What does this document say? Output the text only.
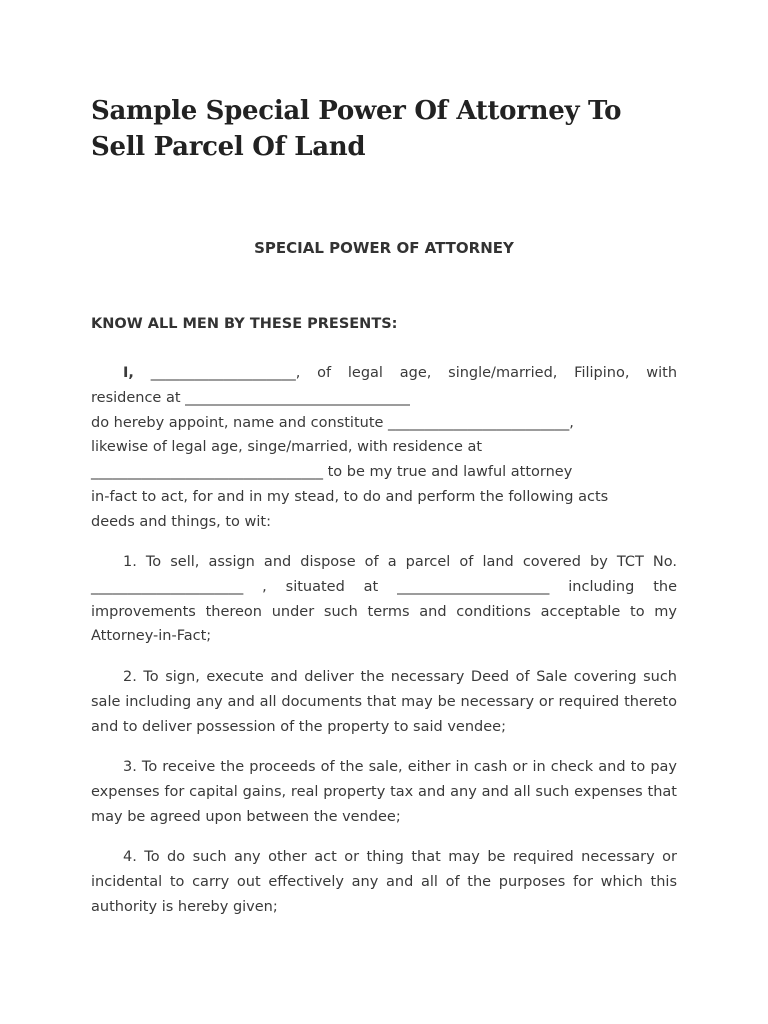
Sample Special Power Of Attorney To Sell Parcel Of Land
SPECIAL POWER OF ATTORNEY

KNOW ALL MEN BY THESE PRESENTS:

I, ____________________, of legal age, single/married, Filipino, with
residence at _______________________________
do hereby appoint, name and constitute _________________________,
likewise of legal age, singe/married, with residence at
________________________________ to be my true and lawful attorney
in-fact to act, for and in my stead, to do and perform the following acts
deeds and things, to wit:

1. To sell, assign and dispose of a parcel of land covered by TCT No. _____________________ , situated at _____________________ including the improvements thereon under such terms and conditions acceptable to my Attorney-in-Fact;

2. To sign, execute and deliver the necessary Deed of Sale covering such sale including any and all documents that may be necessary or required thereto and to deliver possession of the property to said vendee;

3. To receive the proceeds of the sale, either in cash or in check and to pay expenses for capital gains, real property tax and any and all such expenses that may be agreed upon between the vendee;

4. To do such any other act or thing that may be required necessary or incidental to carry out effectively any and all of the purposes for which this authority is hereby given;
